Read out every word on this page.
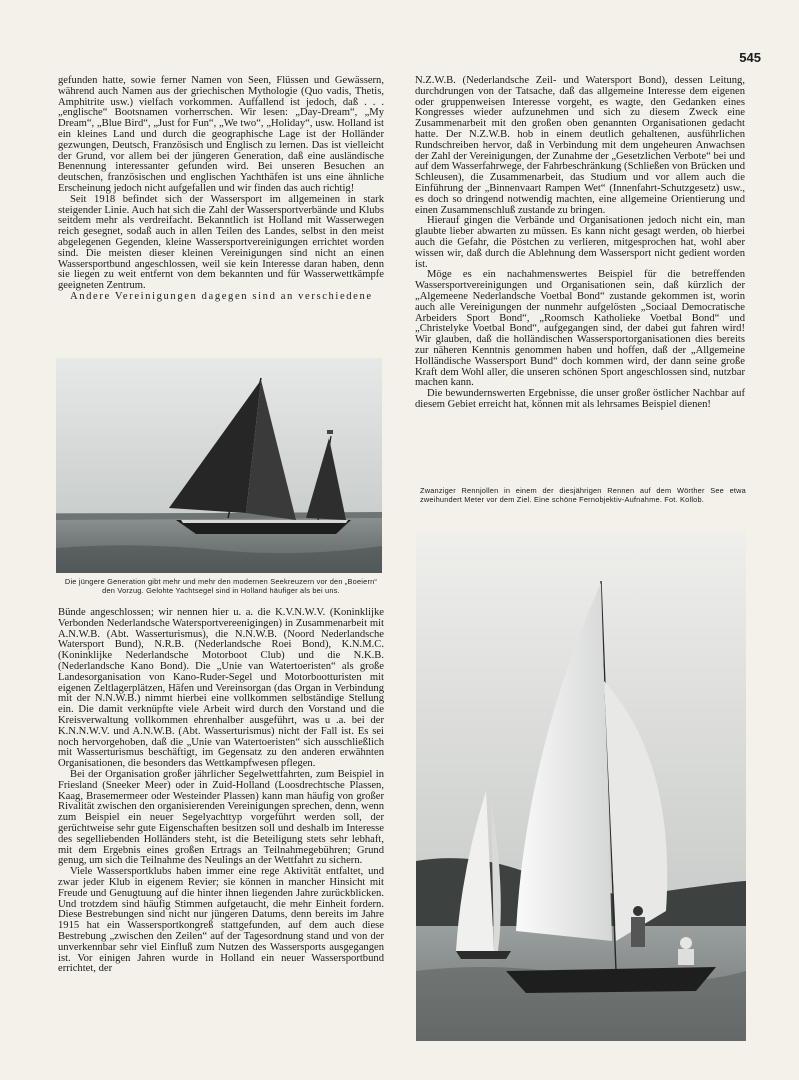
545

gefunden hatte, sowie ferner Namen von Seen, Flüssen und Gewässern, während auch Namen aus der griechischen Mythologie (Quo vadis, Thetis, Amphitrite usw.) vielfach vorkommen. Auffallend ist jedoch, daß . . . „englische“ Bootsnamen vorherrschen. Wir lesen: „Day-Dream“, „My Dream“, „Blue Bird“, „Just for Fun“, „We two“, „Holiday“, usw. Holland ist ein kleines Land und durch die geographische Lage ist der Holländer gezwungen, Deutsch, Französisch und Englisch zu lernen. Das ist vielleicht der Grund, vor allem bei der jüngeren Generation, daß eine ausländische Benennung interessanter gefunden wird. Bei unseren Besuchen an deutschen, französischen und englischen Yachthäfen ist uns eine ähnliche Erscheinung jedoch nicht aufgefallen und wir finden das auch richtig!

Seit 1918 befindet sich der Wassersport im allgemeinen in stark steigender Linie. Auch hat sich die Zahl der Wassersportverbände und Klubs seitdem mehr als verdreifacht. Bekanntlich ist Holland mit Wasserwegen reich gesegnet, sodaß auch in allen Teilen des Landes, selbst in den meist abgelegenen Gegenden, kleine Wassersportvereinigungen errichtet worden sind. Die meisten dieser kleinen Vereinigungen sind nicht an einen Wassersportbund angeschlossen, weil sie kein Interesse daran haben, denn sie liegen zu weit entfernt von dem bekannten und für Wasserwettkämpfe geeigneten Zentrum.

Andere Vereinigungen dagegen sind an verschiedene

Die jüngere Generation gibt mehr und mehr den modernen Seekreuzern vor den „Boeiern“ den Vorzug. Gelohte Yachtsegel sind in Holland häufiger als bei uns.

Bünde angeschlossen; wir nennen hier u. a. die K.V.N.W.V. (Koninklijke Verbonden Nederlandsche Watersportvereenigingen) in Zusammenarbeit mit A.N.W.B. (Abt. Wasserturismus), die N.N.W.B. (Noord Nederlandsche Watersport Bund), N.R.B. (Nederlandsche Roei Bond), K.N.M.C. (Koninklijke Nederlandsche Motorboot Club) und die N.K.B. (Nederlandsche Kano Bond). Die „Unie van Watertoeristen“ als große Landesorganisation von Kano-Ruder-Segel und Motorbootturisten mit eigenen Zeltlagerplätzen, Häfen und Vereinsorgan (das Organ in Verbindung mit der N.N.W.B.) nimmt hierbei eine vollkommen selbständige Stellung ein. Die damit verknüpfte viele Arbeit wird durch den Vorstand und die Kreisverwaltung vollkommen ehrenhalber ausgeführt, was u .a. bei der K.N.N.W.V. und A.N.W.B. (Abt. Wasserturismus) nicht der Fall ist. Es sei noch hervorgehoben, daß die „Unie van Watertoeristen“ sich ausschließlich mit Wasserturismus beschäftigt, im Gegensatz zu den anderen erwähnten Organisationen, die besonders das Wettkampfwesen pflegen.

Bei der Organisation großer jährlicher Segelwettfahrten, zum Beispiel in Friesland (Sneeker Meer) oder in Zuid-Holland (Loosdrechtsche Plassen, Kaag, Brasemermeer oder Westeinder Plassen) kann man häufig von großer Rivalität zwischen den organisierenden Vereinigungen sprechen, denn, wenn zum Beispiel ein neuer Segelyachttyp vorgeführt werden soll, der gerüchtweise sehr gute Eigenschaften besitzen soll und deshalb im Interesse des segelliebenden Holländers steht, ist die Beteiligung stets sehr lebhaft, mit dem Ergebnis eines großen Ertrags an Teilnahmegebühren; Grund genug, um sich die Teilnahme des Neulings an der Wettfahrt zu sichern.

Viele Wassersportklubs haben immer eine rege Aktivität entfaltet, und zwar jeder Klub in eigenem Revier; sie können in mancher Hinsicht mit Freude und Genugtuung auf die hinter ihnen liegenden Jahre zurückblicken. Und trotzdem sind häufig Stimmen aufgetaucht, die mehr Einheit fordern. Diese Bestrebungen sind nicht nur jüngeren Datums, denn bereits im Jahre 1915 hat ein Wassersportkongreß stattgefunden, auf dem auch diese Bestrebung „zwischen den Zeilen“ auf der Tagesordnung stand und von der unverkennbar sehr viel Einfluß zum Nutzen des Wassersports ausgegangen ist. Vor einigen Jahren wurde in Holland ein neuer Wassersportbund errichtet, der

N.Z.W.B. (Nederlandsche Zeil- und Watersport Bond), dessen Leitung, durchdrungen von der Tatsache, daß das allgemeine Interesse dem eigenen oder gruppenweisen Interesse vorgeht, es wagte, den Gedanken eines Kongresses wieder aufzunehmen und sich zu diesem Zweck eine Zusammenarbeit mit den großen oben genannten Organisationen gedacht hatte. Der N.Z.W.B. hob in einem deutlich gehaltenen, ausführlichen Rundschreiben hervor, daß in Verbindung mit dem ungeheuren Anwachsen der Zahl der Vereinigungen, der Zunahme der „Gesetzlichen Verbote“ bei und auf dem Wasserfahrwege, der Fahrbeschränkung (Schließen von Brücken und Schleusen), die Zusammenarbeit, das Studium und vor allem auch die Einführung der „Binnenvaart Rampen Wet“ (Innenfahrt-Schutzgesetz) usw., es doch so dringend notwendig machten, eine allgemeine Orientierung und einen Zusammenschluß zustande zu bringen.

Hierauf gingen die Verbände und Organisationen jedoch nicht ein, man glaubte lieber abwarten zu müssen. Es kann nicht gesagt werden, ob hierbei auch die Gefahr, die Pöstchen zu verlieren, mitgesprochen hat, wohl aber wissen wir, daß durch die Ablehnung dem Wassersport nicht gedient worden ist.

Möge es ein nachahmenswertes Beispiel für die betreffenden Wassersportvereinigungen und Organisationen sein, daß kürzlich der „Algemeene Nederlandsche Voetbal Bond“ zustande gekommen ist, worin auch alle Vereinigungen der nunmehr aufgelösten „Sociaal Democratische Arbeiders Sport Bond“, „Roomsch Katholieke Voetbal Bond“ und „Christelyke Voetbal Bond“, aufgegangen sind, der dabei gut fahren wird! Wir glauben, daß die holländischen Wassersportorganisationen dies bereits zur näheren Kenntnis genommen haben und hoffen, daß der „Allgemeine Holländische Wassersport Bund“ doch kommen wird, der dann seine große Kraft dem Wohl aller, die unseren schönen Sport angeschlossen sind, nutzbar machen kann.

Die bewundernswerten Ergebnisse, die unser großer östlicher Nachbar auf diesem Gebiet erreicht hat, können mit als lehrsames Beispiel dienen!

Zwanziger Rennjollen in einem der diesjährigen Rennen auf dem Wörther See etwa zweihundert Meter vor dem Ziel. Eine schöne Fernobjektiv-Aufnahme. Fot. Kollob.
